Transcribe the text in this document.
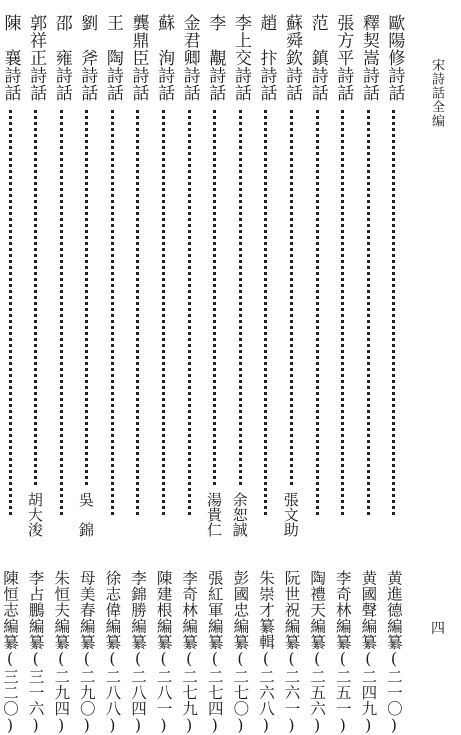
宋詩話全编
四
歐陽修詩話
黄進德編纂(二一〇)
釋契嵩詩話
黄國聲編纂(二四九)
張方平詩話
李奇林編纂(二五一)
范　鎮詩話
陶禮天編纂(二五六)
蘇舜欽詩話
張文助
阮世祝編纂(二六一)
趙　抃詩話
朱崇才纂輯(二六八)
李上交詩話
余恕誠
彭國忠編纂(二七〇)
李　覯詩話
湯貴仁
張紅軍編纂(二七四)
金君卿詩話
李奇林編纂(二七九)
蘇　洵詩話
陳建根編纂(二八一)
龔鼎臣詩話
李錦勝編纂(二八四)
王　陶詩話
徐志偉編纂(二八八)
劉　斧詩話
吳　錦
母美春編纂(二九〇)
邵　雍詩話
朱恒夫編纂(二九四)
郭祥正詩話
胡大浚
李占鵬編纂(三一六)
陳　襄詩話
陳恒志編纂(三二〇)
